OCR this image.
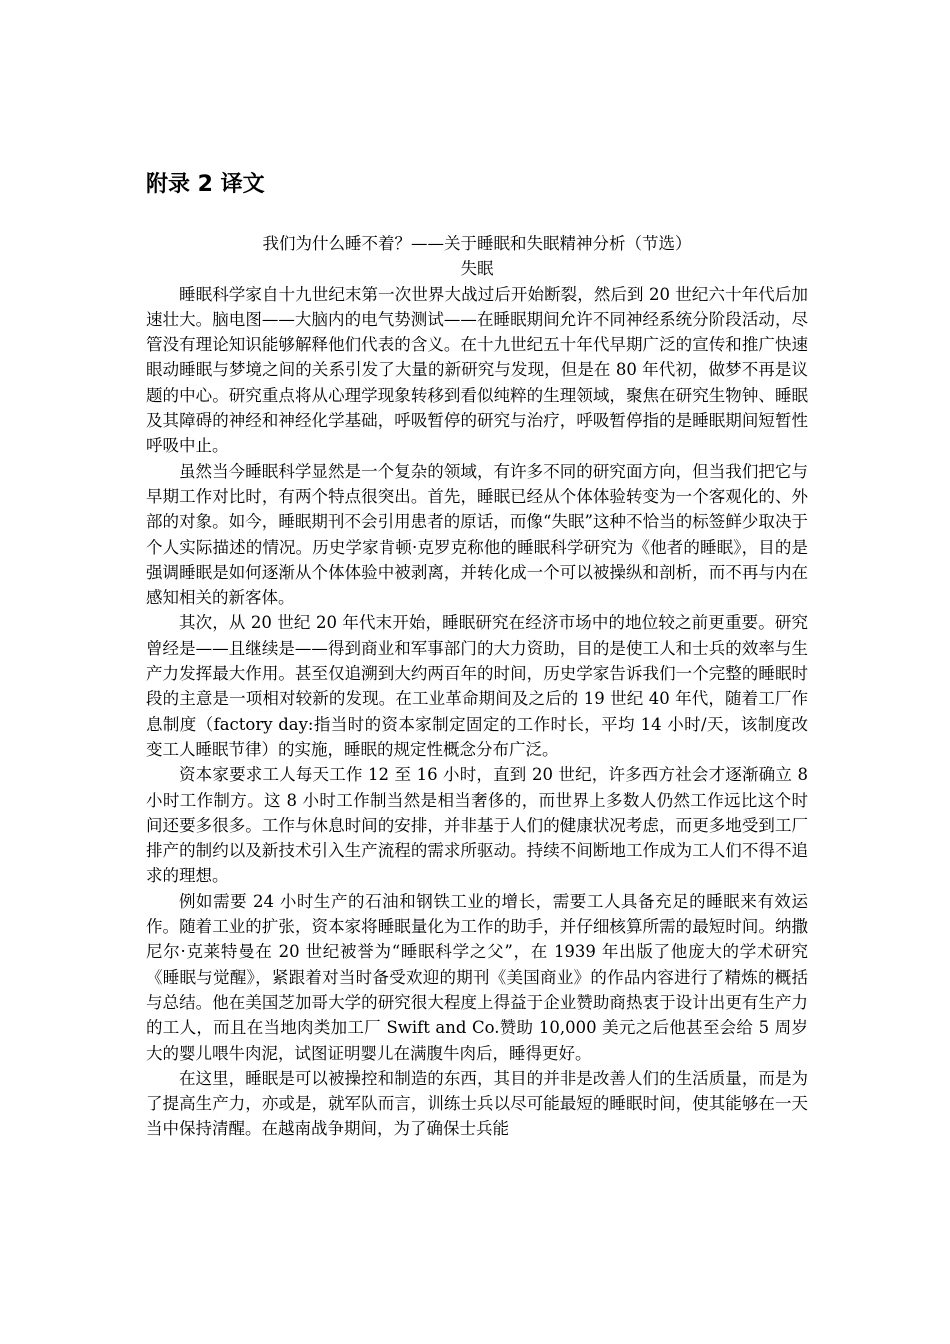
附录 2 译文
我们为什么睡不着？——关于睡眠和失眠精神分析（节选）
失眠

睡眠科学家自十九世纪末第一次世界大战过后开始断裂，然后到 20 世纪六十年代后加速壮大。脑电图——大脑内的电气势测试——在睡眠期间允许不同神经系统分阶段活动，尽管没有理论知识能够解释他们代表的含义。在十九世纪五十年代早期广泛的宣传和推广快速眼动睡眠与梦境之间的关系引发了大量的新研究与发现，但是在 80 年代初，做梦不再是议题的中心。研究重点将从心理学现象转移到看似纯粹的生理领域，聚焦在研究生物钟、睡眠及其障碍的神经和神经化学基础，呼吸暂停的研究与治疗，呼吸暂停指的是睡眠期间短暂性呼吸中止。

虽然当今睡眠科学显然是一个复杂的领域，有许多不同的研究面方向，但当我们把它与早期工作对比时，有两个特点很突出。首先，睡眠已经从个体体验转变为一个客观化的、外部的对象。如今，睡眠期刊不会引用患者的原话，而像“失眠”这种不恰当的标签鲜少取决于个人实际描述的情况。历史学家肯顿·克罗克称他的睡眠科学研究为《他者的睡眠》，目的是强调睡眠是如何逐渐从个体体验中被剥离，并转化成一个可以被操纵和剖析，而不再与内在感知相关的新客体。

其次，从 20 世纪 20 年代末开始，睡眠研究在经济市场中的地位较之前更重要。研究曾经是——且继续是——得到商业和军事部门的大力资助，目的是使工人和士兵的效率与生产力发挥最大作用。甚至仅追溯到大约两百年的时间，历史学家告诉我们一个完整的睡眠时段的主意是一项相对较新的发现。在工业革命期间及之后的 19 世纪 40 年代，随着工厂作息制度（factory day:指当时的资本家制定固定的工作时长，平均 14 小时/天，该制度改变工人睡眠节律）的实施，睡眠的规定性概念分布广泛。

资本家要求工人每天工作 12 至 16 小时，直到 20 世纪，许多西方社会才逐渐确立 8 小时工作制方。这 8 小时工作制当然是相当奢侈的，而世界上多数人仍然工作远比这个时间还要多很多。工作与休息时间的安排，并非基于人们的健康状况考虑，而更多地受到工厂排产的制约以及新技术引入生产流程的需求所驱动。持续不间断地工作成为工人们不得不追求的理想。

例如需要 24 小时生产的石油和钢铁工业的增长，需要工人具备充足的睡眠来有效运作。随着工业的扩张，资本家将睡眠量化为工作的助手，并仔细核算所需的最短时间。纳撒尼尔·克莱特曼在 20 世纪被誉为“睡眠科学之父”，在 1939 年出版了他庞大的学术研究《睡眠与觉醒》，紧跟着对当时备受欢迎的期刊《美国商业》的作品内容进行了精炼的概括与总结。他在美国芝加哥大学的研究很大程度上得益于企业赞助商热衷于设计出更有生产力的工人，而且在当地肉类加工厂 Swift and Co.赞助 10,000 美元之后他甚至会给 5 周岁大的婴儿喂牛肉泥，试图证明婴儿在满腹牛肉后，睡得更好。

在这里，睡眠是可以被操控和制造的东西，其目的并非是改善人们的生活质量，而是为了提高生产力，亦或是，就军队而言，训练士兵以尽可能最短的睡眠时间，使其能够在一天当中保持清醒。在越南战争期间，为了确保士兵能
